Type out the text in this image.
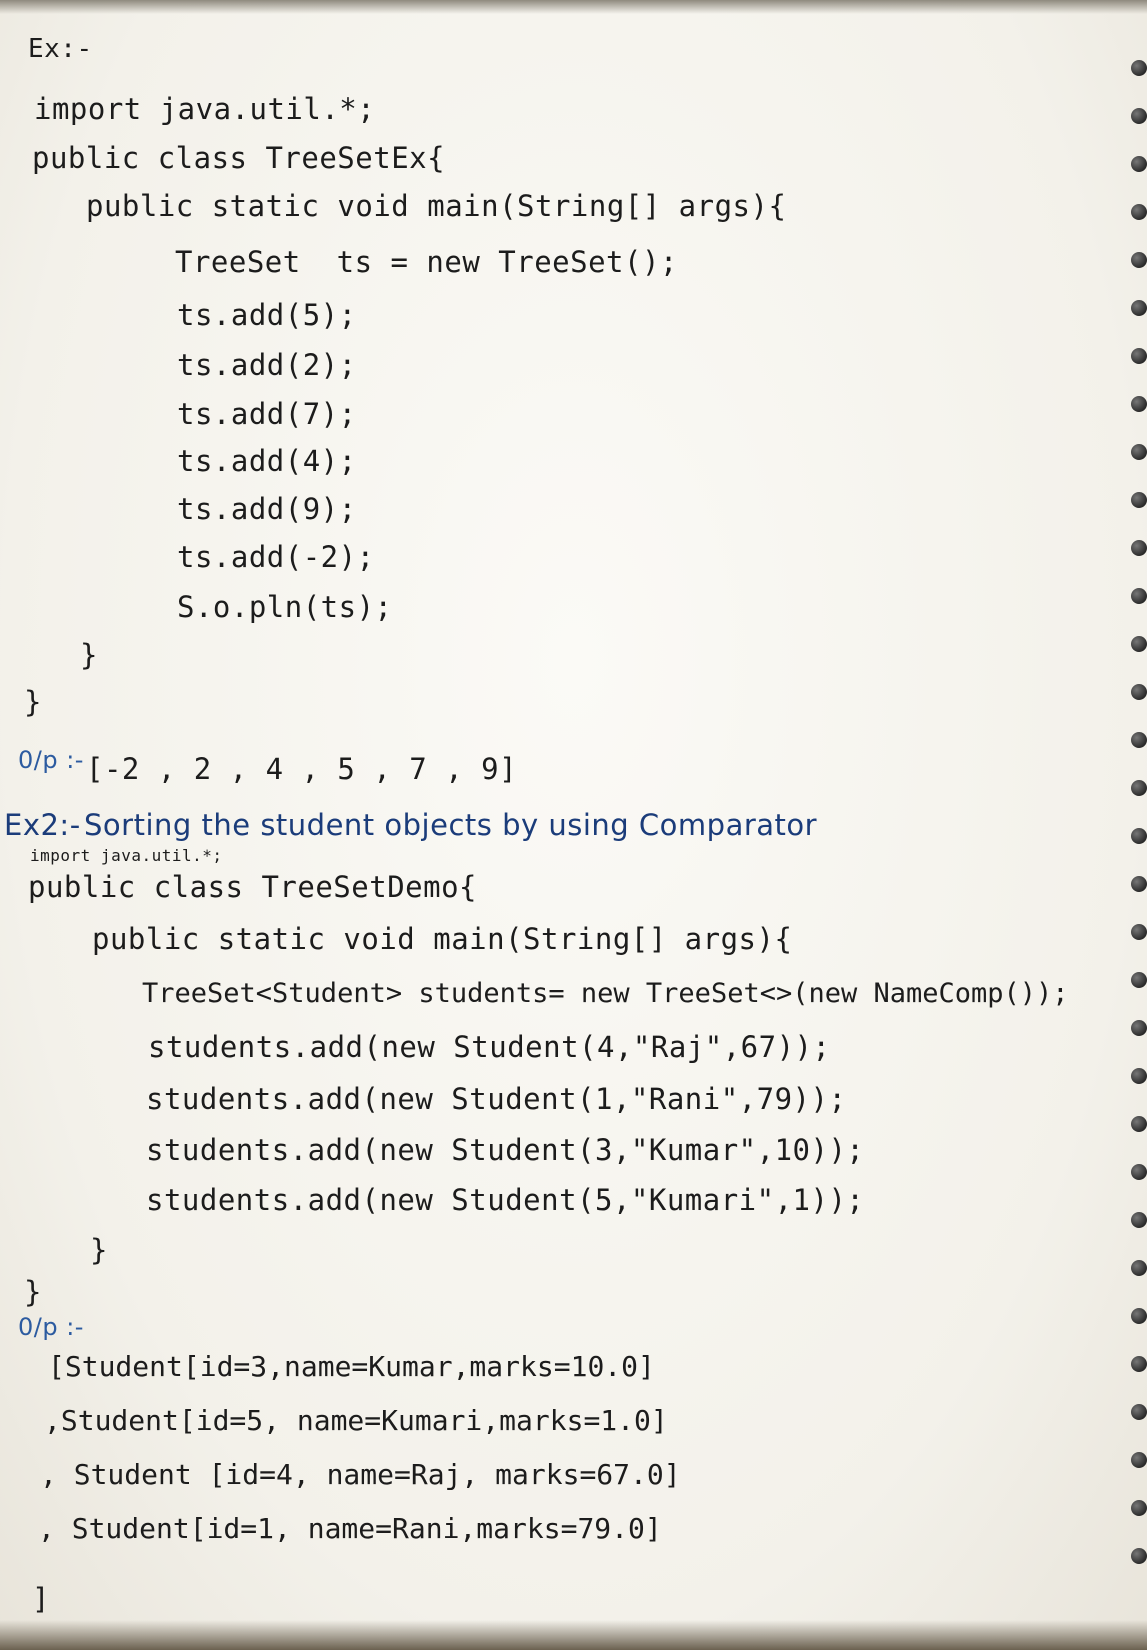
Ex:-
import java.util.*;
public class TreeSetEx{
public static void main(String[] args){
TreeSet  ts = new TreeSet();
ts.add(5);
ts.add(2);
ts.add(7);
ts.add(4);
ts.add(9);
ts.add(-2);
S.o.pln(ts);
}
}
0/p :- [-2 , 2 , 4 , 5 , 7 , 9]
Ex2:- Sorting the student objects by using Comparator
import java.util.*;
public class TreeSetDemo{
public static void main(String[] args){
TreeSet<Student> students= new TreeSet<>(new NameComp());
students.add(new Student(4,"Raj",67));
students.add(new Student(1,"Rani",79));
students.add(new Student(3,"Kumar",10));
students.add(new Student(5,"Kumari",1));
}
}
0/p :-
[Student[id=3,name=Kumar,marks=10.0]
,Student[id=5, name=Kumari,marks=1.0]
, Student [id=4, name=Raj, marks=67.0]
, Student[id=1, name=Rani,marks=79.0]
]
